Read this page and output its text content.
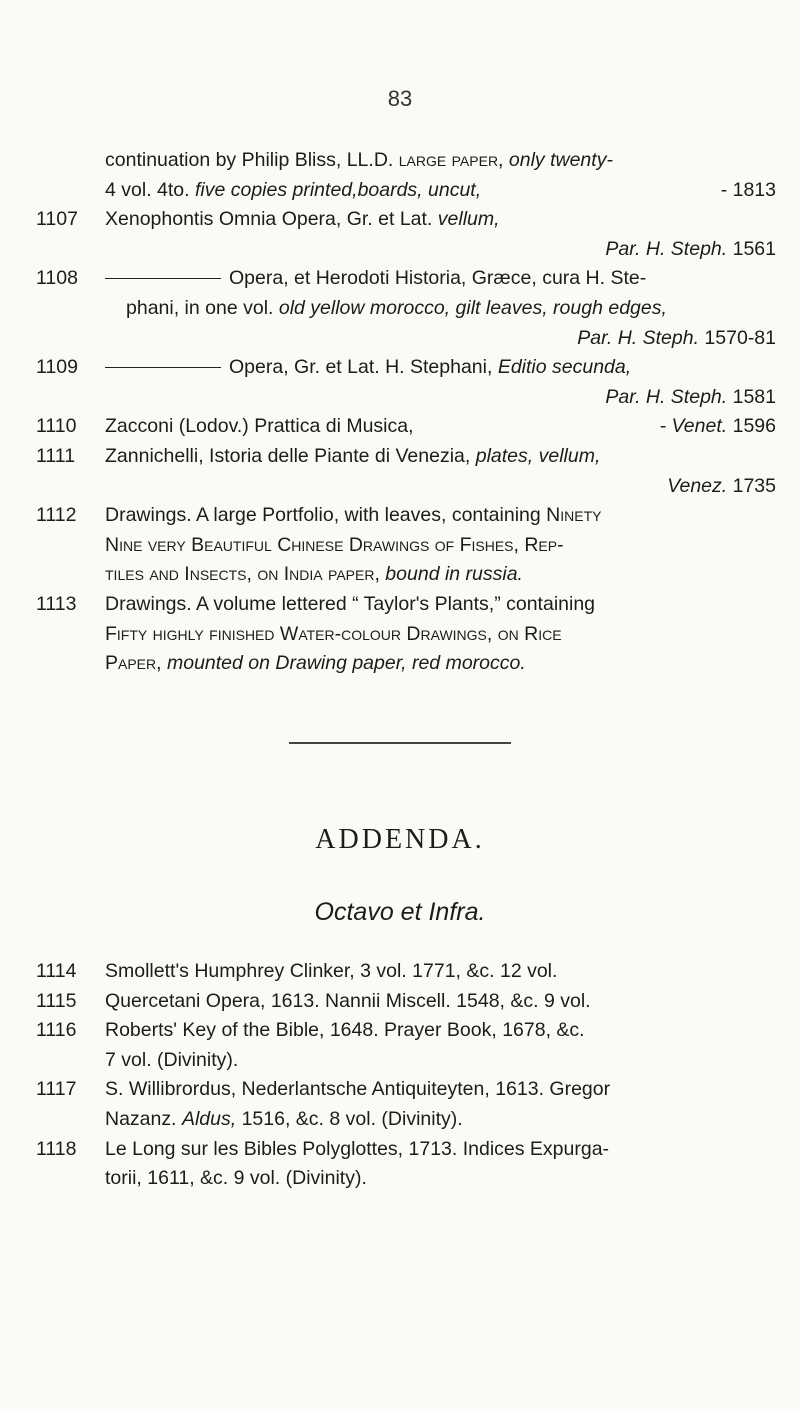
83
continuation by Philip Bliss, LL.D. large paper, only twenty-
4 vol. 4to. five copies printed,boards, uncut,	- 1813
1107	Xenophontis Omnia Opera, Gr. et Lat. vellum,
Par. H. Steph. 1561
1108	Opera, et Herodoti Historia, Græce, cura H. Ste-
phani, in one vol. old yellow morocco, gilt leaves, rough edges,
Par. H. Steph. 1570-81
1109	Opera, Gr. et Lat. H. Stephani, Editio secunda,
Par. H. Steph. 1581
1110	Zacconi (Lodov.) Prattica di Musica,	- Venet. 1596
1111	Zannichelli, Istoria delle Piante di Venezia, plates, vellum,
Venez. 1735
1112	Drawings. A large Portfolio, with leaves, containing Ninety
Nine very Beautiful Chinese Drawings of Fishes, Rep-
tiles and Insects, on India paper, bound in russia.
1113	Drawings. A volume lettered “ Taylor's Plants,” containing
Fifty highly finished Water-colour Drawings, on Rice
Paper, mounted on Drawing paper, red morocco.
ADDENDA.
Octavo et Infra.
1114	Smollett's Humphrey Clinker, 3 vol. 1771, &c. 12 vol.
1115	Quercetani Opera, 1613. Nannii Miscell. 1548, &c. 9 vol.
1116	Roberts' Key of the Bible, 1648. Prayer Book, 1678, &c.
7 vol. (Divinity).
1117	S. Willibrordus, Nederlantsche Antiquiteyten, 1613. Gregor
Nazanz. Aldus, 1516, &c. 8 vol. (Divinity).
1118	Le Long sur les Bibles Polyglottes, 1713. Indices Expurga-
torii, 1611, &c. 9 vol. (Divinity).
